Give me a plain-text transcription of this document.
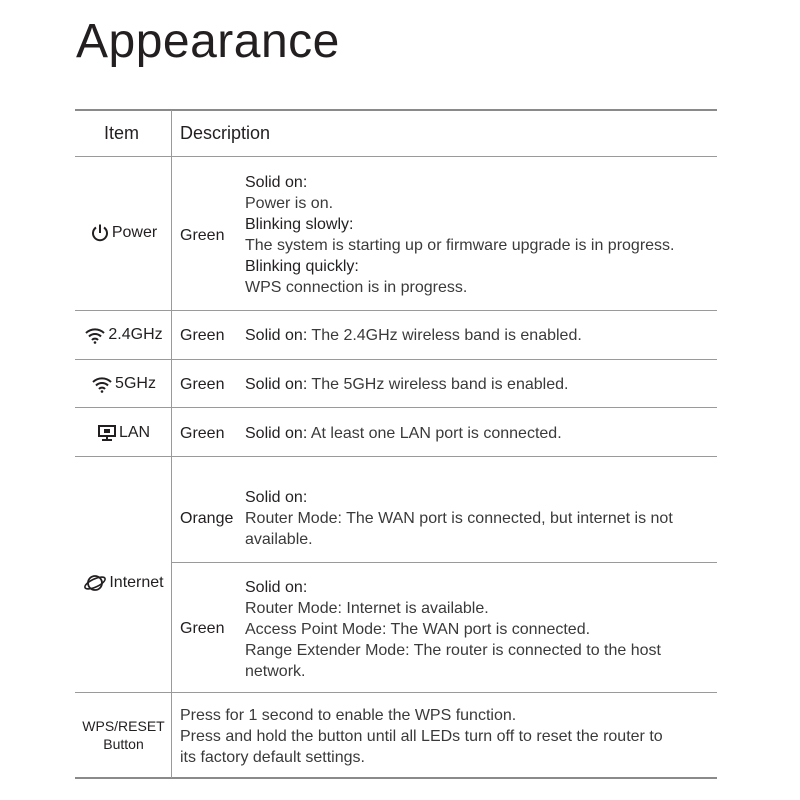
Appearance
Item Description
Power Green
Solid on:
Power is on.
Blinking slowly:
The system is starting up or firmware upgrade is in progress.
Blinking quickly:
WPS connection is in progress.
2.4GHz Green Solid on: The 2.4GHz wireless band is enabled.
5GHz Green Solid on: The 5GHz wireless band is enabled.
LAN Green Solid on: At least one LAN port is connected.
Internet
Orange
Solid on:
Router Mode: The WAN port is connected, but internet is not
available.
Green
Solid on:
Router Mode: Internet is available.
Access Point Mode: The WAN port is connected.
Range Extender Mode: The router is connected to the host
network.
WPS/RESET
Button
Press for 1 second to enable the WPS function.
Press and hold the button until all LEDs turn off to reset the router to
its factory default settings.
